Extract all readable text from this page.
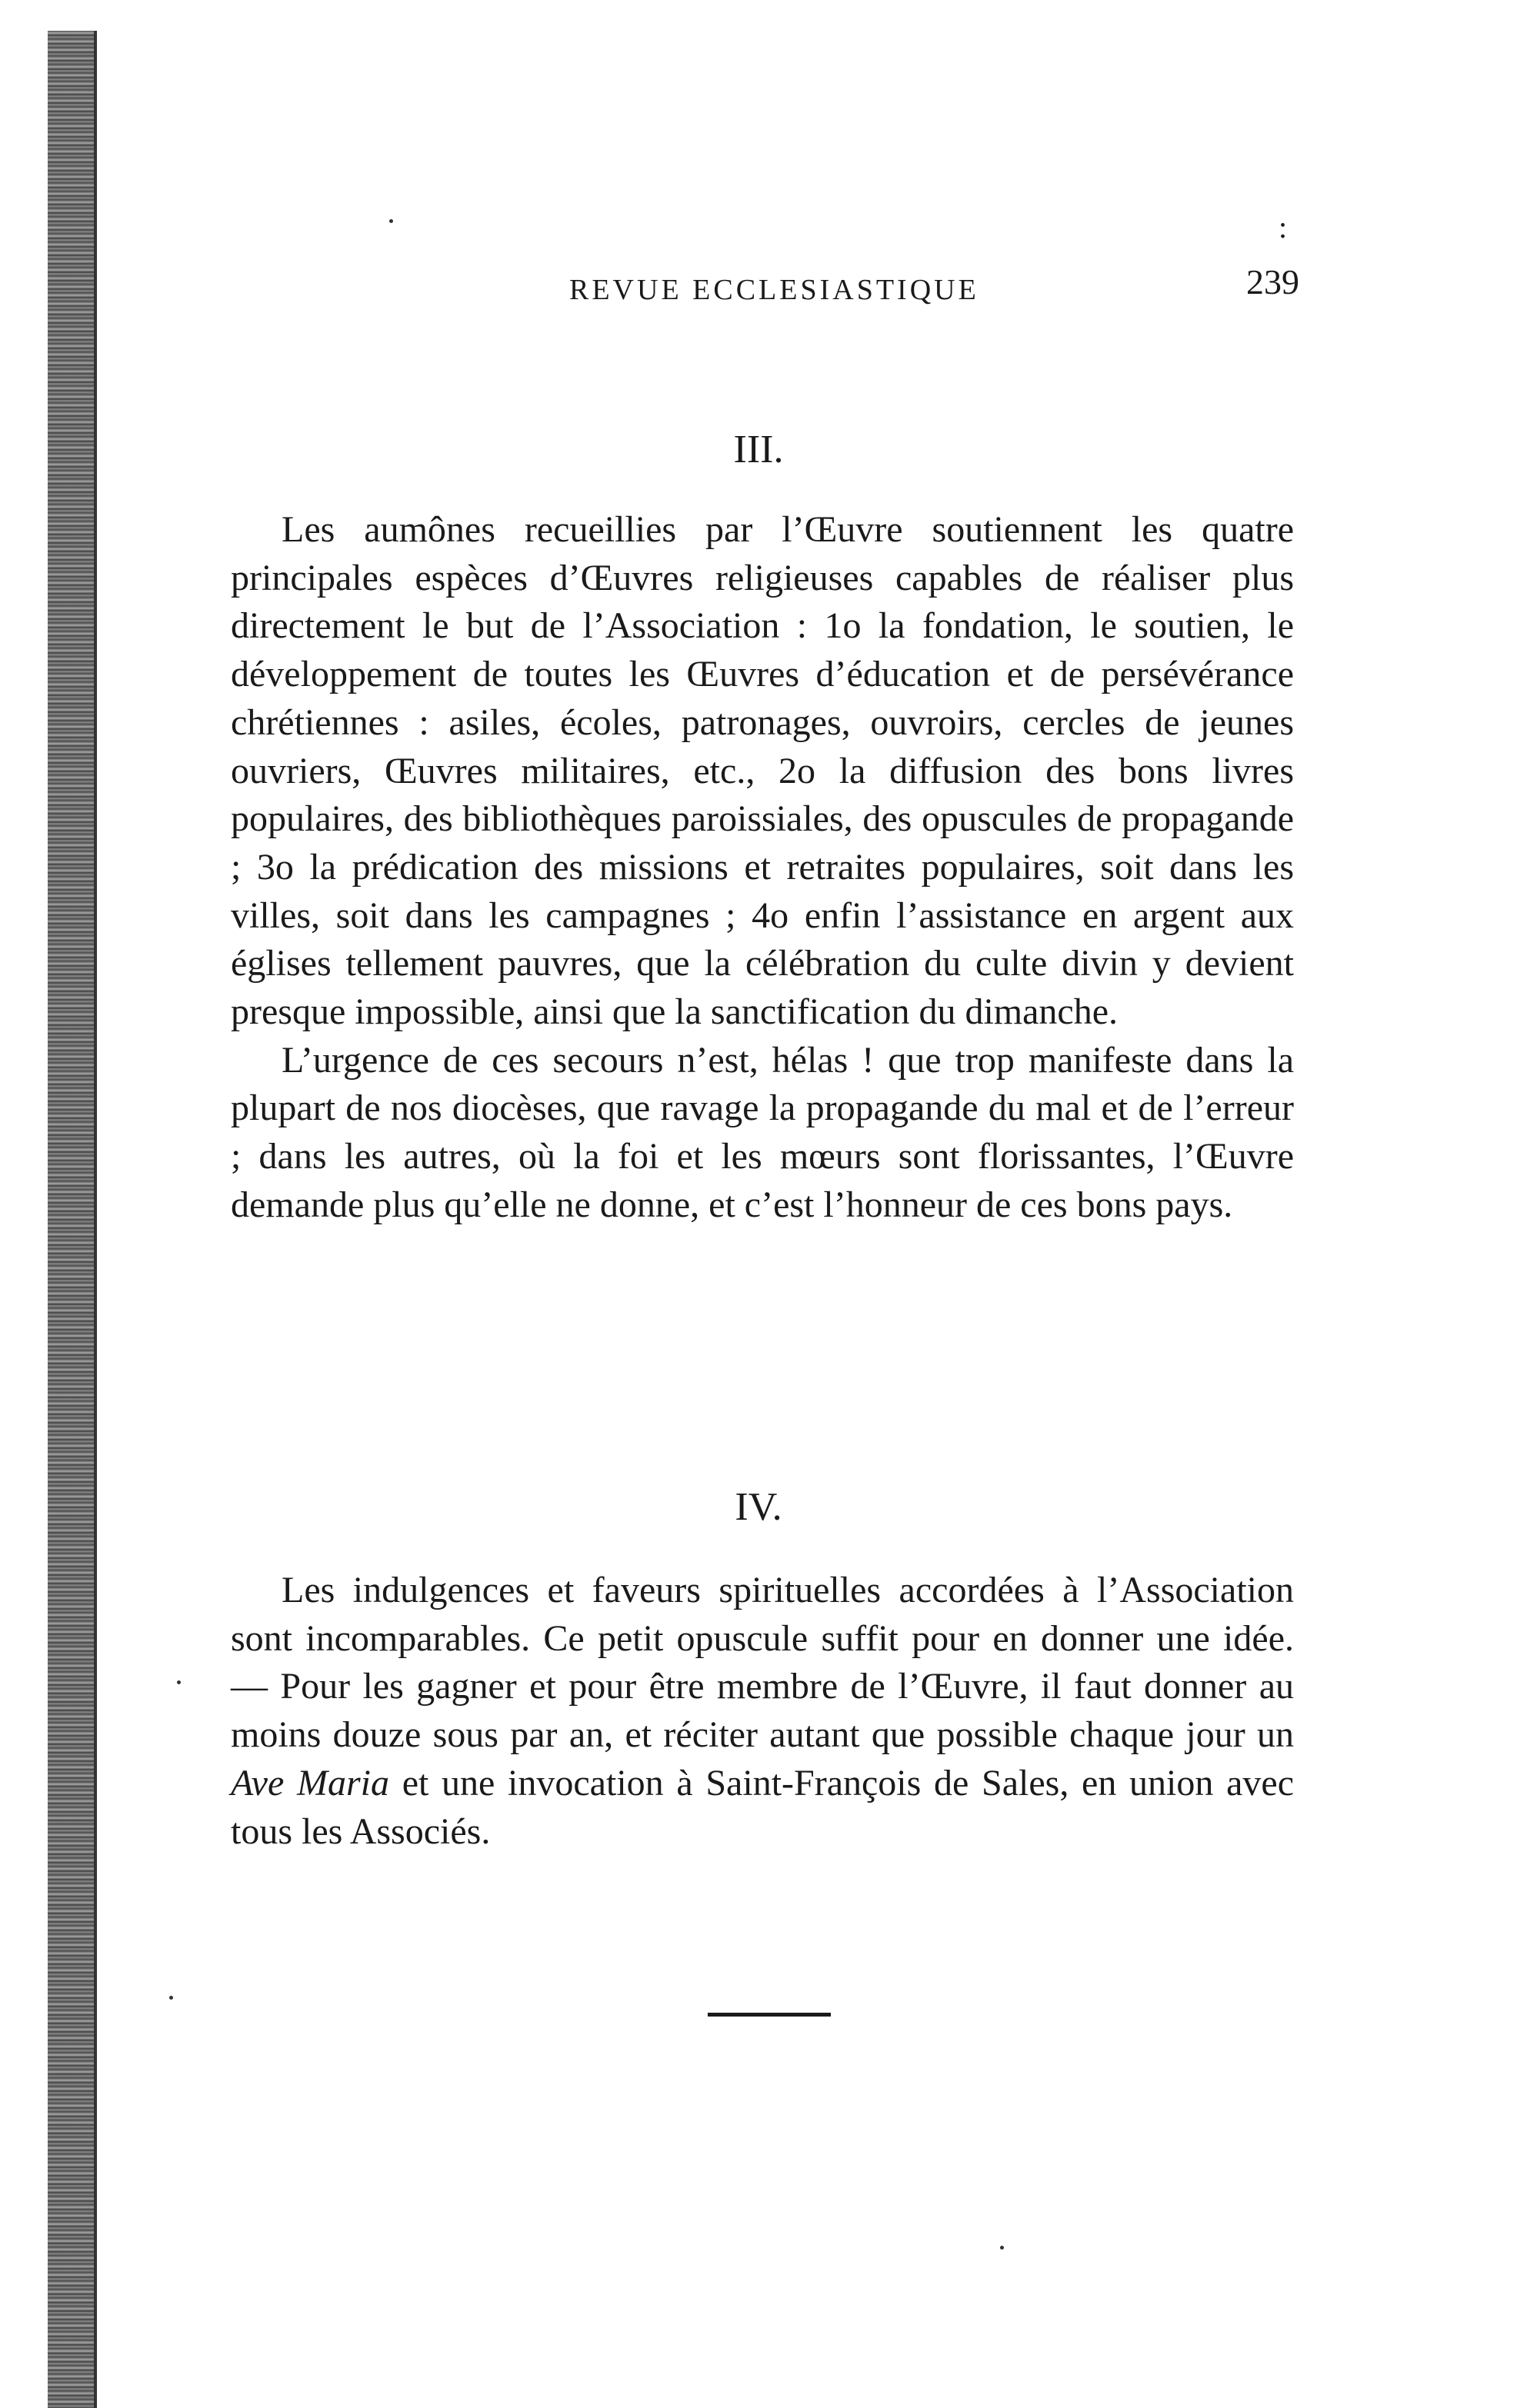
:
REVUE ECCLESIASTIQUE	239
III.

Les aumônes recueillies par l’Œuvre soutiennent les quatre principales espèces d’Œuvres religieuses capables de réaliser plus directement le but de l’Association : 1o la fondation, le soutien, le développement de toutes les Œuvres d’éducation et de persévérance chrétiennes : asiles, écoles, patronages, ouvroirs, cercles de jeunes ouvriers, Œuvres militaires, etc., 2o la diffusion des bons livres populaires, des bibliothèques paroissiales, des opuscules de propagande ; 3o la prédication des missions et retraites populaires, soit dans les villes, soit dans les campagnes ; 4o enfin l’assistance en argent aux églises tellement pauvres, que la célébration du culte divin y devient presque impossible, ainsi que la sanctification du dimanche.

L’urgence de ces secours n’est, hélas ! que trop manifeste dans la plupart de nos diocèses, que ravage la propagande du mal et de l’erreur ; dans les autres, où la foi et les mœurs sont florissantes, l’Œuvre demande plus qu’elle ne donne, et c’est l’honneur de ces bons pays.

IV.

Les indulgences et faveurs spirituelles accordées à l’Association sont incomparables. Ce petit opuscule suffit pour en donner une idée. — Pour les gagner et pour être membre de l’Œuvre, il faut donner au moins douze sous par an, et réciter autant que possible chaque jour un Ave Maria et une invocation à Saint-François de Sales, en union avec tous les Associés.
